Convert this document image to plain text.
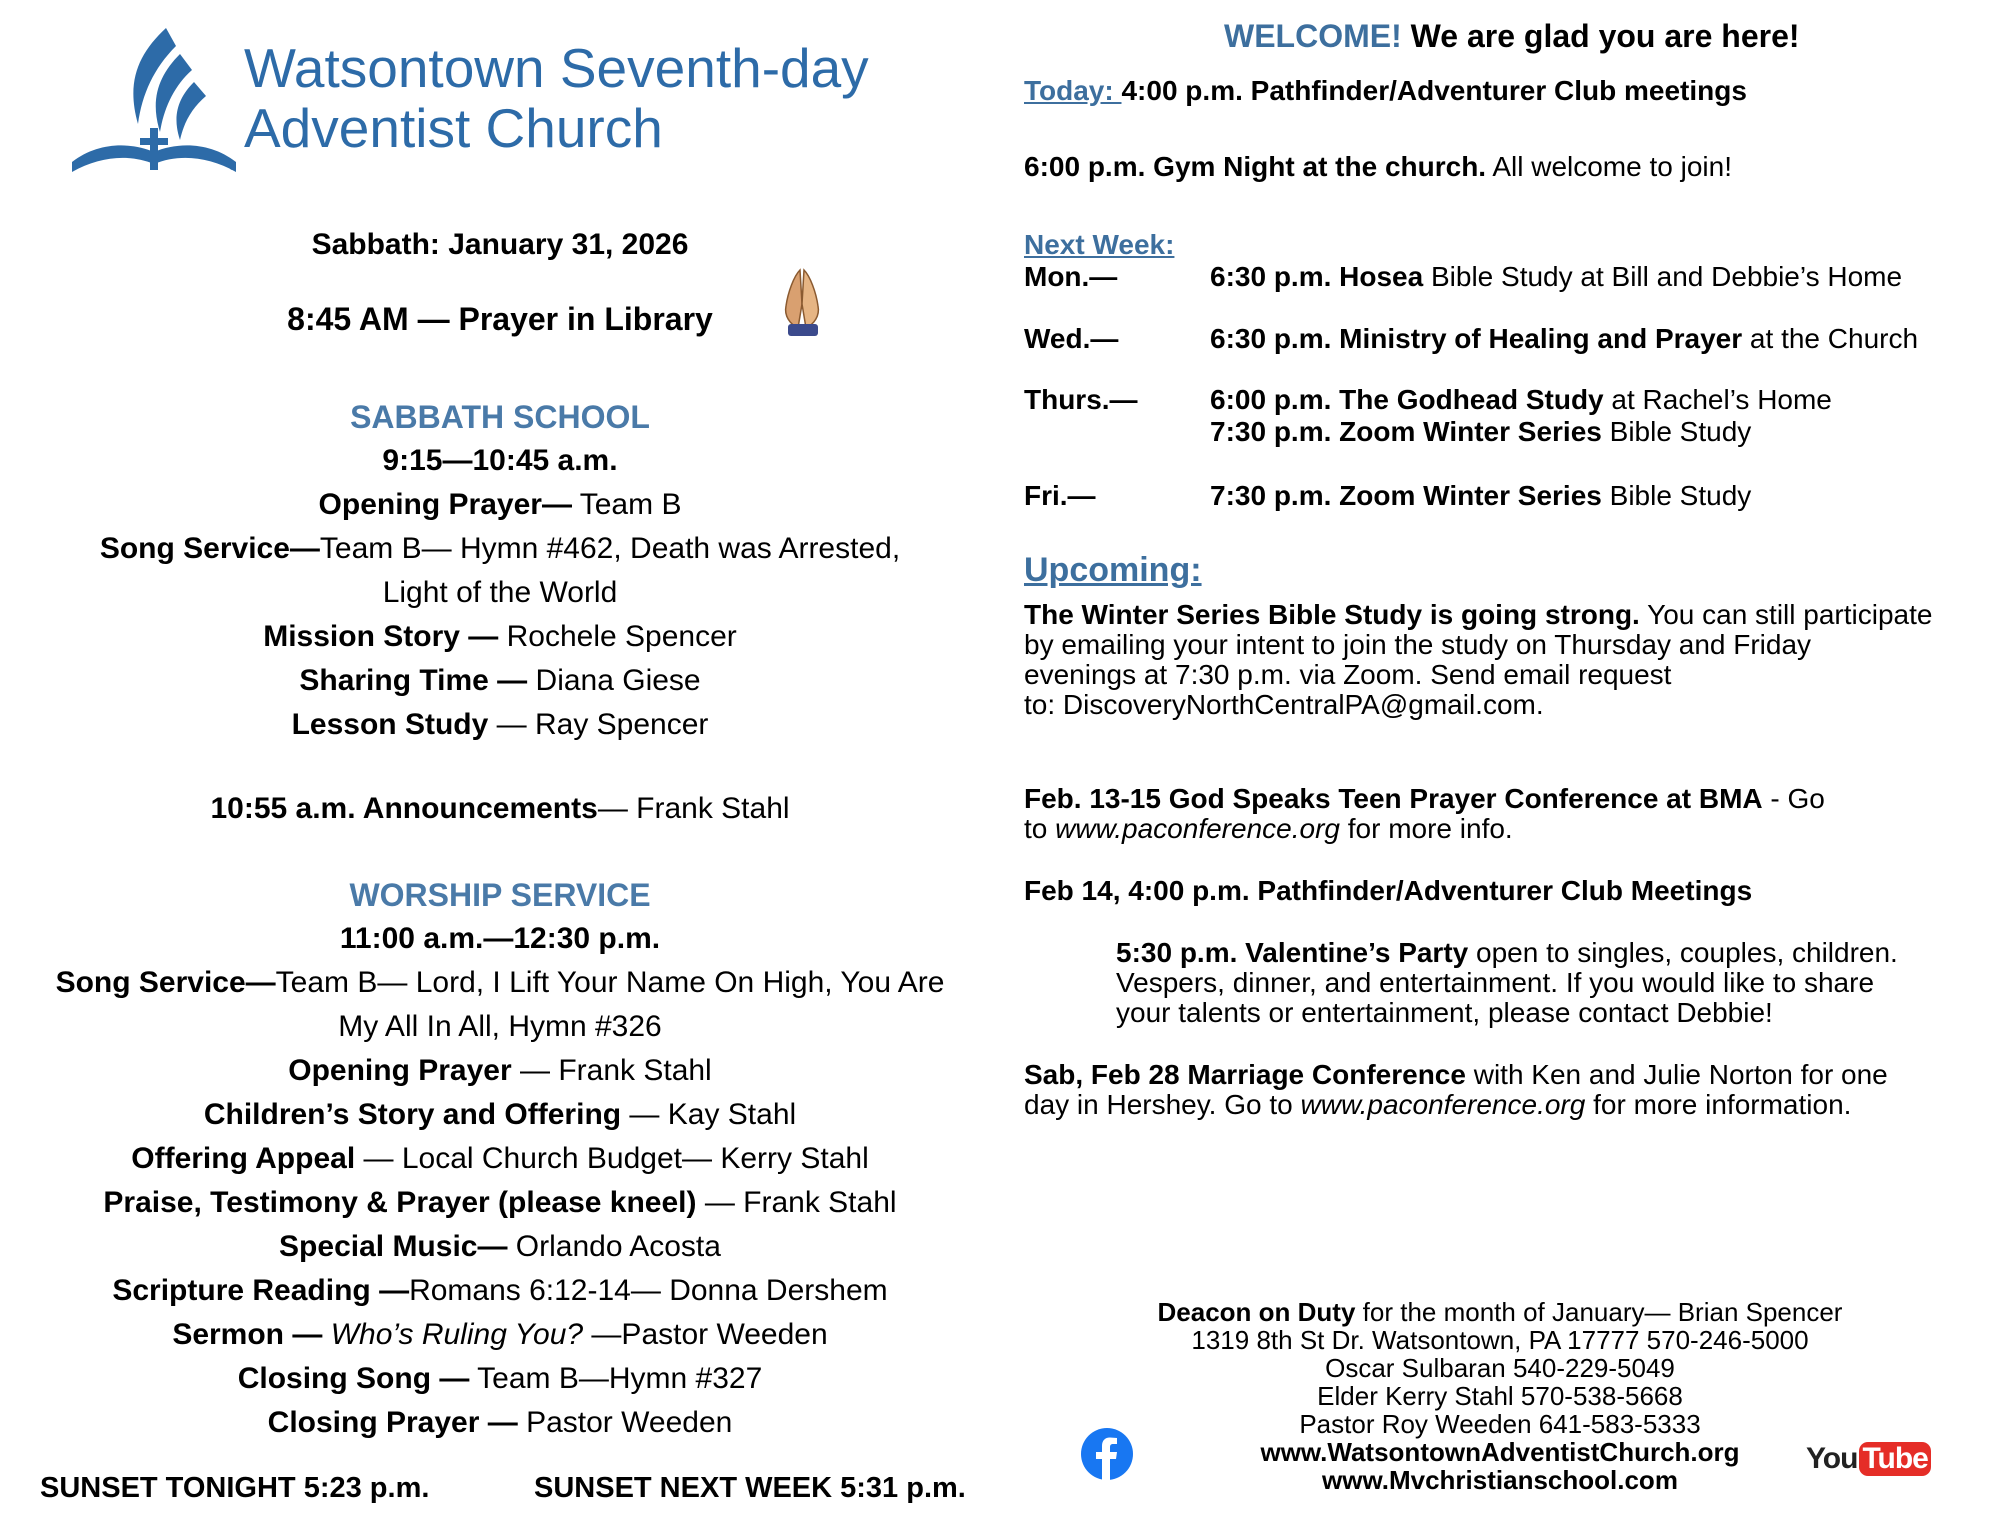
®
Watsontown Seventh-day
Adventist Church
Sabbath: January 31, 2026
8:45 AM — Prayer in Library
SABBATH SCHOOL
9:15—10:45 a.m.
Opening Prayer— Team B
Song Service—Team B— Hymn #462, Death was Arrested,
Light of the World
Mission Story — Rochele Spencer
Sharing Time — Diana Giese
Lesson Study — Ray Spencer
10:55 a.m. Announcements— Frank Stahl
WORSHIP SERVICE
11:00 a.m.—12:30 p.m.
Song Service—Team B— Lord, I Lift Your Name On High, You Are
My All In All, Hymn #326
Opening Prayer — Frank Stahl
Children’s Story and Offering — Kay Stahl
Offering Appeal — Local Church Budget— Kerry Stahl
Praise, Testimony & Prayer (please kneel) — Frank Stahl
Special Music— Orlando Acosta
Scripture Reading —Romans 6:12-14— Donna Dershem
Sermon — Who’s Ruling You? —Pastor Weeden
Closing Song — Team B—Hymn #327
Closing Prayer — Pastor Weeden
SUNSET TONIGHT 5:23 p.m.	SUNSET NEXT WEEK 5:31 p.m.
WELCOME! We are glad you are here!
Today: 4:00 p.m. Pathfinder/Adventurer Club meetings
6:00 p.m. Gym Night at the church. All welcome to join!
Next Week:
Mon.—	6:30 p.m. Hosea Bible Study at Bill and Debbie’s Home
Wed.—	6:30 p.m. Ministry of Healing and Prayer at the Church
Thurs.—	6:00 p.m. The Godhead Study at Rachel’s Home
7:30 p.m. Zoom Winter Series Bible Study
Fri.—	7:30 p.m. Zoom Winter Series Bible Study
Upcoming:
The Winter Series Bible Study is going strong. You can still participate
by emailing your intent to join the study on Thursday and Friday
evenings at 7:30 p.m. via Zoom. Send email request
to: DiscoveryNorthCentralPA@gmail.com.
Feb. 13-15 God Speaks Teen Prayer Conference at BMA - Go
to www.paconference.org for more info.
Feb 14, 4:00 p.m. Pathfinder/Adventurer Club Meetings
5:30 p.m. Valentine’s Party open to singles, couples, children.
Vespers, dinner, and entertainment. If you would like to share
your talents or entertainment, please contact Debbie!
Sab, Feb 28 Marriage Conference with Ken and Julie Norton for one
day in Hershey. Go to www.paconference.org for more information.
Deacon on Duty for the month of January— Brian Spencer
1319 8th St Dr. Watsontown, PA 17777 570-246-5000
Oscar Sulbaran 540-229-5049
Elder Kerry Stahl 570-538-5668
Pastor Roy Weeden 641-583-5333
www.WatsontownAdventistChurch.org
www.Mvchristianschool.com
You Tube
